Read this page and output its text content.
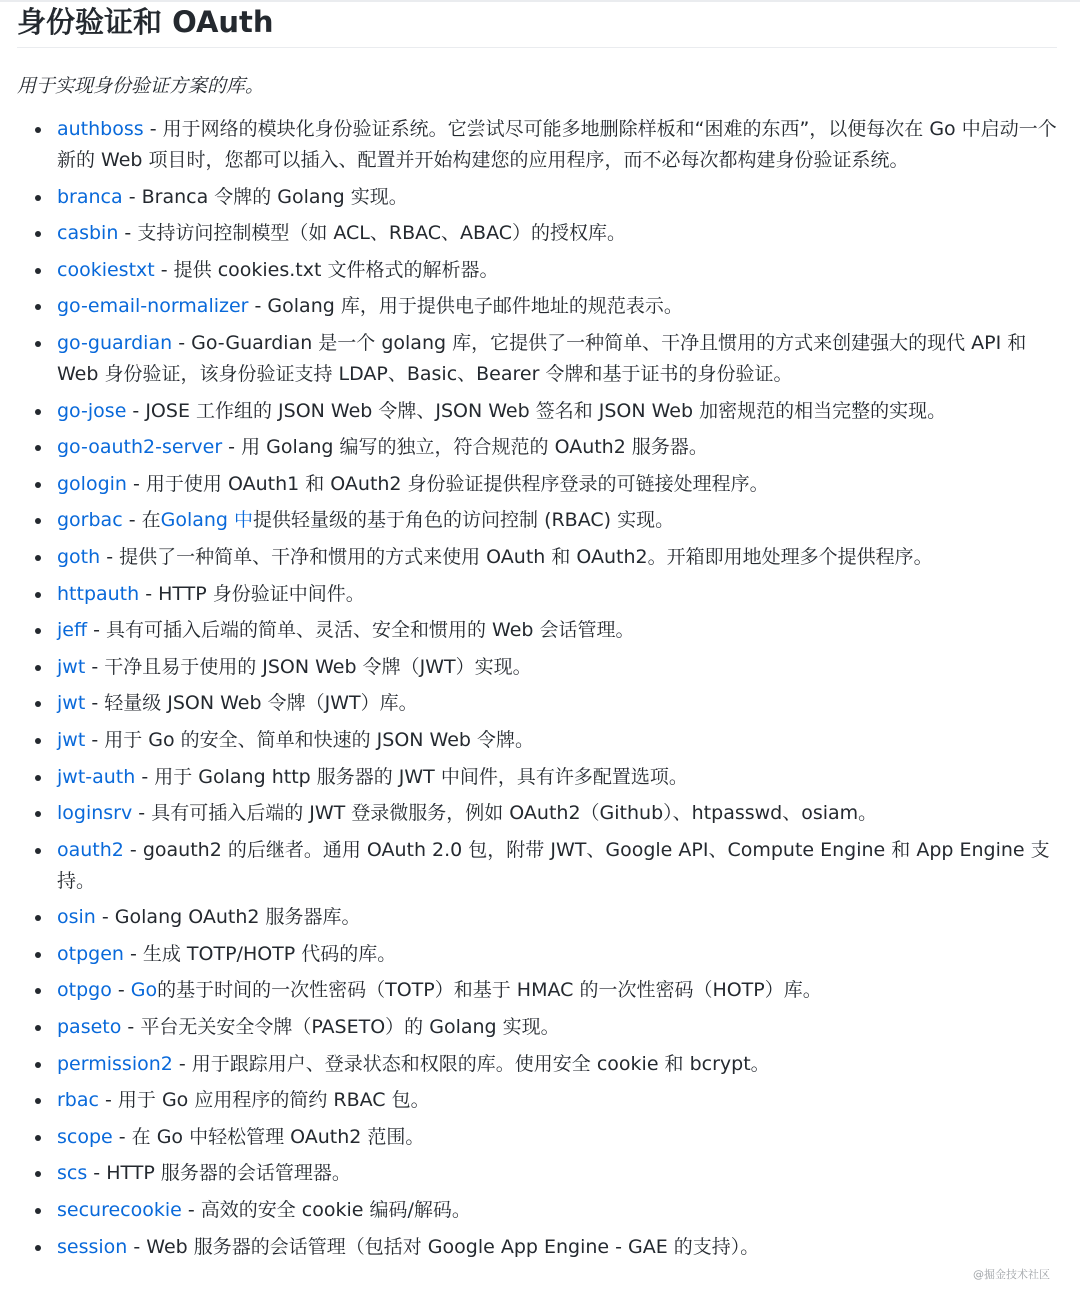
身份验证和 OAuth

用于实现身份验证方案的库。

authboss - 用于网络的模块化身份验证系统。它尝试尽可能多地删除样板和“困难的东西”，以便每次在 Go 中启动一个新的 Web 项目时，您都可以插入、配置并开始构建您的应用程序，而不必每次都构建身份验证系统。
branca - Branca 令牌的 Golang 实现。
casbin - 支持访问控制模型（如 ACL、RBAC、ABAC）的授权库。
cookiestxt - 提供 cookies.txt 文件格式的解析器。
go-email-normalizer - Golang 库，用于提供电子邮件地址的规范表示。
go-guardian - Go-Guardian 是一个 golang 库，它提供了一种简单、干净且惯用的方式来创建强大的现代 API 和 Web 身份验证，该身份验证支持 LDAP、Basic、Bearer 令牌和基于证书的身份验证。
go-jose - JOSE 工作组的 JSON Web 令牌、JSON Web 签名和 JSON Web 加密规范的相当完整的实现。
go-oauth2-server - 用 Golang 编写的独立，符合规范的 OAuth2 服务器。
gologin - 用于使用 OAuth1 和 OAuth2 身份验证提供程序登录的可链接处理程序。
gorbac - 在Golang 中提供轻量级的基于角色的访问控制 (RBAC) 实现。
goth - 提供了一种简单、干净和惯用的方式来使用 OAuth 和 OAuth2。开箱即用地处理多个提供程序。
httpauth - HTTP 身份验证中间件。
jeff - 具有可插入后端的简单、灵活、安全和惯用的 Web 会话管理。
jwt - 干净且易于使用的 JSON Web 令牌（JWT）实现。
jwt - 轻量级 JSON Web 令牌（JWT）库。
jwt - 用于 Go 的安全、简单和快速的 JSON Web 令牌。
jwt-auth - 用于 Golang http 服务器的 JWT 中间件，具有许多配置选项。
loginsrv - 具有可插入后端的 JWT 登录微服务，例如 OAuth2（Github）、htpasswd、osiam。
oauth2 - goauth2 的后继者。通用 OAuth 2.0 包，附带 JWT、Google API、Compute Engine 和 App Engine 支持。
osin - Golang OAuth2 服务器库。
otpgen - 生成 TOTP/HOTP 代码的库。
otpgo - Go的基于时间的一次性密码（TOTP）和基于 HMAC 的一次性密码（HOTP）库。
paseto - 平台无关安全令牌（PASETO）的 Golang 实现。
permission2 - 用于跟踪用户、登录状态和权限的库。使用安全 cookie 和 bcrypt。
rbac - 用于 Go 应用程序的简约 RBAC 包。
scope - 在 Go 中轻松管理 OAuth2 范围。
scs - HTTP 服务器的会话管理器。
securecookie - 高效的安全 cookie 编码/解码。
session - Web 服务器的会话管理（包括对 Google App Engine - GAE 的支持）。
@掘金技术社区
